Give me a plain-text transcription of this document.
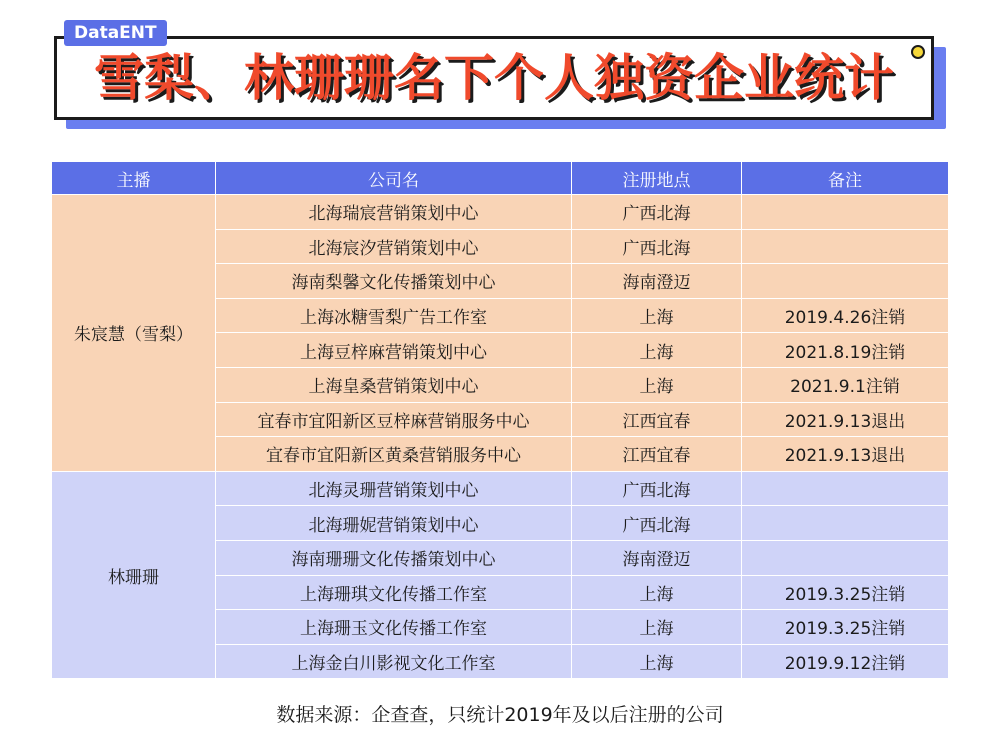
DataENT
雪梨、林珊珊名下个人独资企业统计
主播	公司名	注册地点	备注
朱宸慧（雪梨）	北海瑞宸营销策划中心	广西北海	
	北海宸汐营销策划中心	广西北海	
	海南梨馨文化传播策划中心	海南澄迈	
	上海冰糖雪梨广告工作室	上海	2019.4.26注销
	上海豆梓麻营销策划中心	上海	2021.8.19注销
	上海皇桑营销策划中心	上海	2021.9.1注销
	宜春市宜阳新区豆梓麻营销服务中心	江西宜春	2021.9.13退出
	宜春市宜阳新区黄桑营销服务中心	江西宜春	2021.9.13退出
林珊珊	北海灵珊营销策划中心	广西北海	
	北海珊妮营销策划中心	广西北海	
	海南珊珊文化传播策划中心	海南澄迈	
	上海珊琪文化传播工作室	上海	2019.3.25注销
	上海珊玉文化传播工作室	上海	2019.3.25注销
	上海金白川影视文化工作室	上海	2019.9.12注销
数据来源：企查查，只统计2019年及以后注册的公司
